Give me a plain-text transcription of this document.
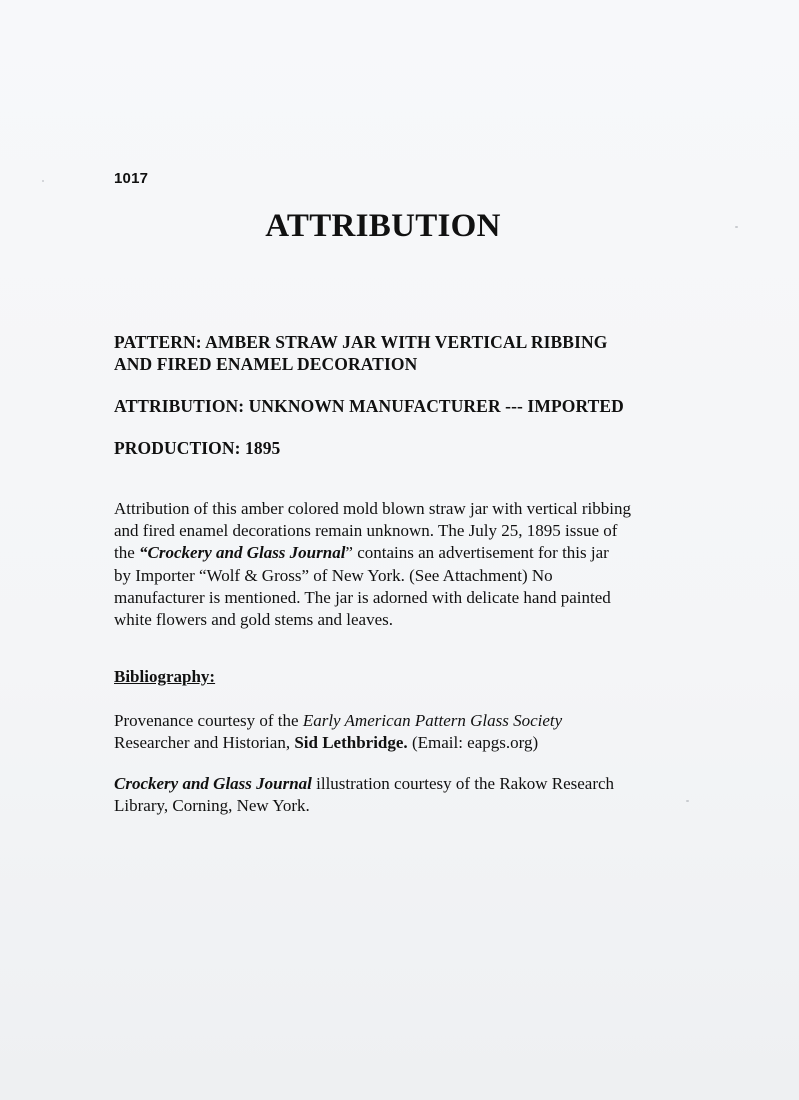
1017
ATTRIBUTION

PATTERN: AMBER STRAW JAR WITH VERTICAL RIBBING
AND FIRED ENAMEL DECORATION

ATTRIBUTION: UNKNOWN MANUFACTURER --- IMPORTED

PRODUCTION: 1895

Attribution of this amber colored mold blown straw jar with vertical ribbing
and fired enamel decorations remain unknown. The July 25, 1895 issue of
the “Crockery and Glass Journal” contains an advertisement for this jar
by Importer “Wolf & Gross” of New York. (See Attachment) No
manufacturer is mentioned. The jar is adorned with delicate hand painted
white flowers and gold stems and leaves.

Bibliography:

Provenance courtesy of the Early American Pattern Glass Society
Researcher and Historian, Sid Lethbridge. (Email: eapgs.org)

Crockery and Glass Journal illustration courtesy of the Rakow Research
Library, Corning, New York.
